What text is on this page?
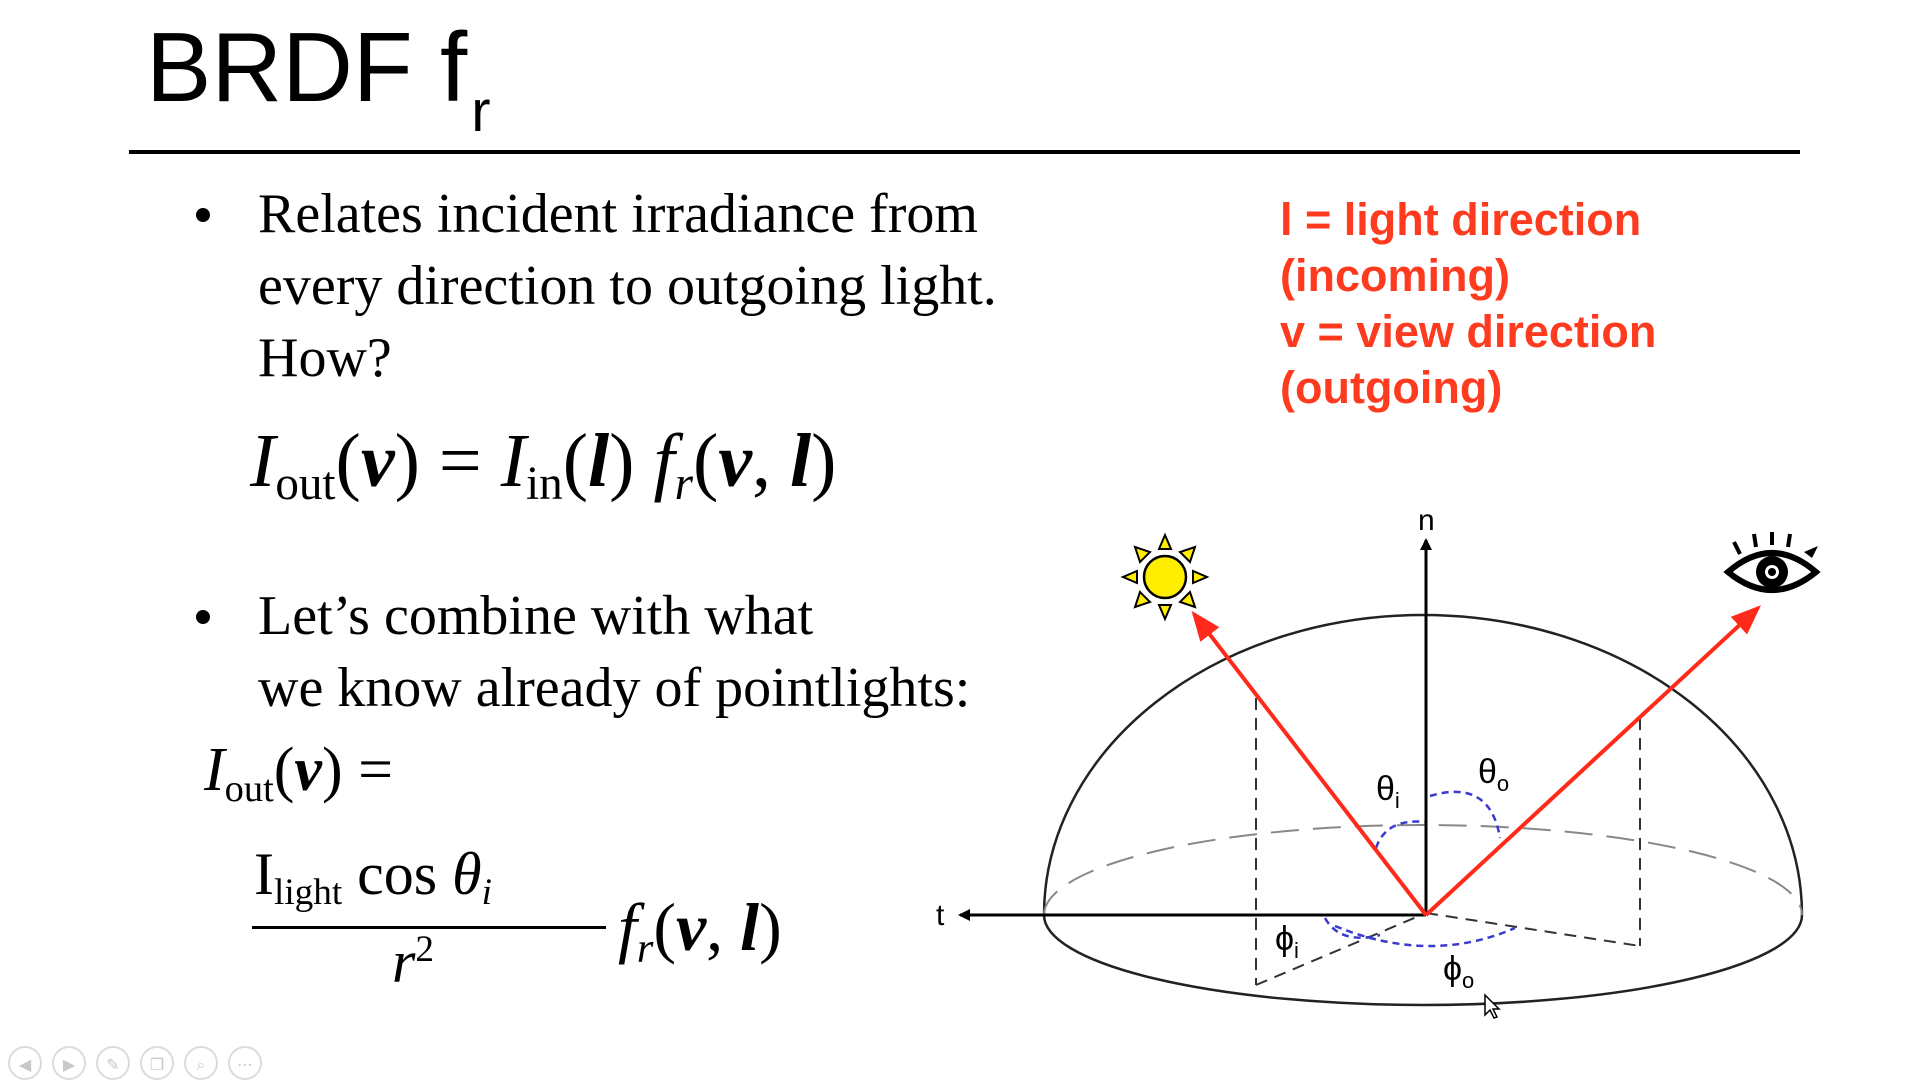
BRDF $f_r$
Relates incident irradiance from
every direction to outgoing light.
How?
Iout(v) = Iin(l) fr(v, l)
Let’s combine with what
we know already of pointlights:
Iout(v) =
Ilight cos θi
$r^2$	fr(v, l)
l = light direction
(incoming)
v = view direction
(outgoing)
n
t
$\theta_i$
$\theta_o$
$\phi_i$	$\phi_o$
◀	▶	✎	❐	⌕	⋯
